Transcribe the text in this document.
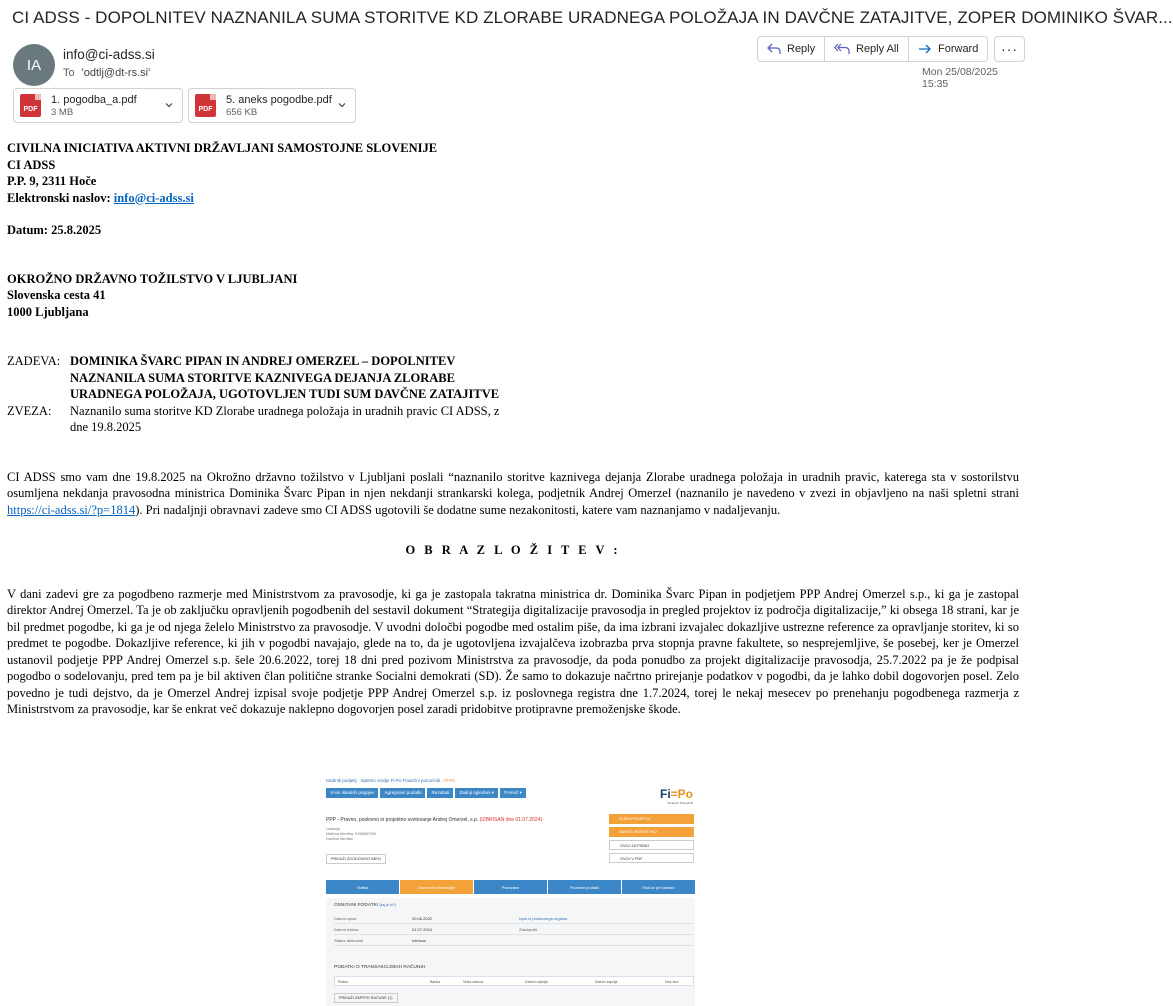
CI ADSS - DOPOLNITEV NAZNANILA SUMA STORITVE KD ZLORABE URADNEGA POLOŽAJA IN DAVČNE ZATAJITVE, ZOPER DOMINIKO ŠVAR...
IA
info@ci-adss.si
To 'odtlj@dt-rs.si'
Reply	Reply All	Forward	···
Mon 25/08/2025 15:35
PDF
1. pogodba_a.pdf
3 MB	PDF
5. aneks pogodbe.pdf
656 KB
CIVILNA INICIATIVA AKTIVNI DRŽAVLJANI SAMOSTOJNE SLOVENIJE
CI ADSS
P.P. 9, 2311 Hoče
Elektronski naslov: info@ci-adss.si
Datum: 25.8.2025
OKROŽNO DRŽAVNO TOŽILSTVO V LJUBLJANI
Slovenska cesta 41
1000 Ljubljana
ZADEVA: DOMINIKA ŠVARC PIPAN IN ANDREJ OMERZEL – DOPOLNITEV NAZNANILA SUMA STORITVE KAZNIVEGA DEJANJA ZLORABE URADNEGA POLOŽAJA, UGOTOVLJEN TUDI SUM DAVČNE ZATAJITVE
ZVEZA:	Naznanilo suma storitve KD Zlorabe uradnega položaja in uradnih pravic CI ADSS, z dne 19.8.2025
CI ADSS smo vam dne 19.8.2025 na Okrožno državno tožilstvo v Ljubljani poslali “naznanilo storitve kaznivega dejanja Zlorabe uradnega položaja in uradnih pravic, katerega sta v sostorilstvu osumljena nekdanja pravosodna ministrica Dominika Švarc Pipan in njen nekdanji strankarski kolega, podjetnik Andrej Omerzel (naznanilo je navedeno v zvezi in objavljeno na naši spletni strani https://ci-adss.si/?p=1814). Pri nadaljnji obravnavi zadeve smo CI ADSS ugotovili še dodatne sume nezakonitosti, katere vam naznanjamo v nadaljevanju.
O B R A Z L O Ž I T E V :
V dani zadevi gre za pogodbeno razmerje med Ministrstvom za pravosodje, ki ga je zastopala takratna ministrica dr. Dominika Švarc Pipan in podjetjem PPP Andrej Omerzel s.p., ki ga je zastopal direktor Andrej Omerzel. Ta je ob zaključku opravljenih pogodbenih del sestavil dokument “Strategija digitalizacije pravosodja in pregled projektov iz področja digitalizacije,” ki obsega 18 strani, kar je bil predmet pogodbe, ki ga je od njega želelo Ministrstvo za pravosodje. V uvodni določbi pogodbe med ostalim piše, da ima izbrani izvajalec dokazljive ustrezne reference za opravljanje storitev, ki so predmet te pogodbe. Dokazljive reference, ki jih v pogodbi navajajo, glede na to, da je ugotovljena izvajalčeva izobrazba prva stopnja pravne fakultete, so nesprejemljive, še posebej, ker je Omerzel ustanovil podjetje PPP Andrej Omerzel s.p. šele 20.6.2022, torej 18 dni pred pozivom Ministrstva za pravosodje, da poda ponudbo za projekt digitalizacije pravosodja, 25.7.2022 pa je že podpisal pogodbo o sodelovanju, pred tem pa je bil aktiven član politične stranke Socialni demokrati (SD). Že samo to dokazuje načrtno prirejanje podatkov v pogodbi, da je lahko dobil dogovorjen posel. Zelo povedno je tudi dejstvo, da je Omerzel Andrej izpisal svoje podjetje PPP Andrej Omerzel s.p. iz poslovnega registra dne 1.7.2024, torej le nekaj mesecev po prenehanju pogodbenega razmerja z Ministrstvom za pravosodje, kar še enkrat več dokazuje naklepno dogovorjen posel zaradi pridobitve protipravne premoženjske škode.
Iskalnik podjetij · Spletno orodje Fi-Po Finančni pomočnik · Fi-Po
Vnos iskalnih pogojev	Agregirani podatki	Rezultati	Zadnji ogledani ▾	Pomoč ▾	Fi=Po
Finančni Pomočnik
PPP - Pravno, poslovno in projektno svetovanje Andrej Omerzel, s.p. (IZBRISAN dne 01.07.2024)
Lokacija
Matična številka: 9158887000
Davčna številka
SLEDI PODJETJU
NAROČI BONITETNO
OVOJ ZA PISMO
OVOJ V PDF
PRIKAŽI ZGODOVINO IMEN
Vizitka	Osnovne informacije	Povezave	Finančni podatki	Računi pri bankah
OSNOVNI PODATKI (kaj je to?)
Datum vpisa	20.06.2022	Izpis iz poslovnega registra
Datum izbrisa	01.07.2024	Zastopniki
Status aktivnosti	Izbrisan
PODATKI O TRANSAKCIJSKIH RAČUNIH
Račun	Banka	Vrsta računa	Datum odprtja	Datum zaprtja	Nep.stor
PRIKAŽI ZAPRTE RAČUNE (1)
